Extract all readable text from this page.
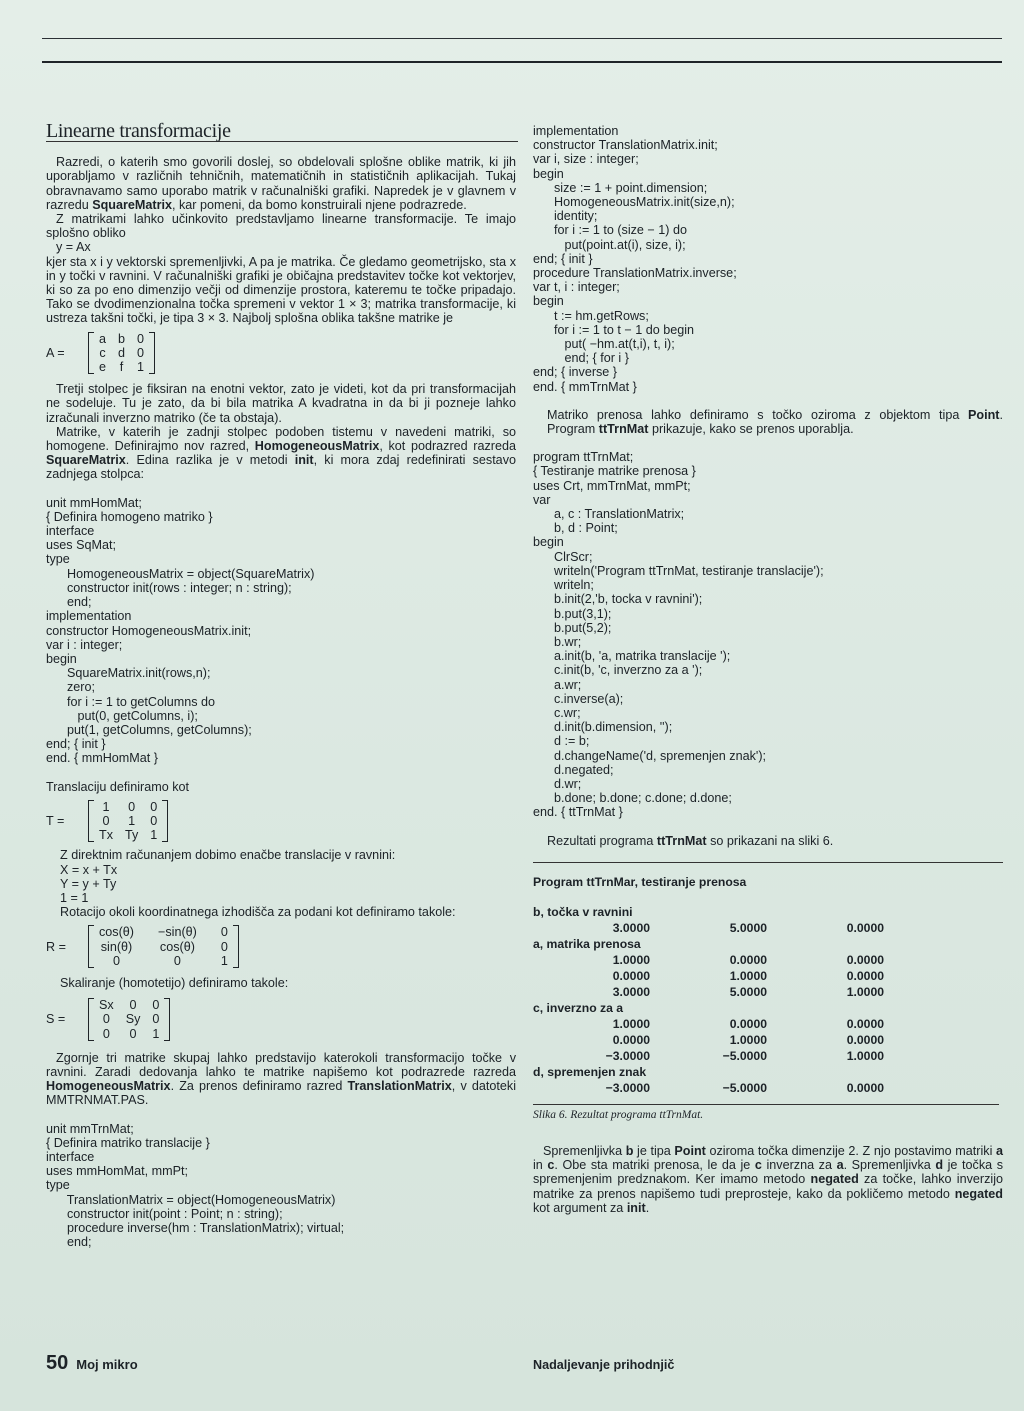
Linearne transformacije

Razredi, o katerih smo govorili doslej, so obdelovali splošne oblike matrik, ki jih uporabljamo v različnih tehničnih, matematičnih in statističnih aplikacijah. Tukaj obravnavamo samo uporabo matrik v računalniški grafiki. Napredek je v glavnem v razredu SquareMatrix, kar pomeni, da bomo konstruirali njene podrazrede.

Z matrikami lahko učinkovito predstavljamo linearne transformacije. Te imajo splošno obliko

y = Ax

kjer sta x i y vektorski spremenljivki, A pa je matrika. Če gledamo geometrijsko, sta x in y točki v ravnini. V računalniški grafiki je običajna predstavitev točke kot vektorjev, ki so za po eno dimenzijo večji od dimenzije prostora, kateremu te točke pripadajo. Tako se dvodimenzionalna točka spremeni v vektor 1 × 3; matrika transformacije, ki ustreza takšni točki, je tipa 3 × 3. Najbolj splošna oblika takšne matrike je

A =
a b 0
c d 0
e	f	1

Tretji stolpec je fiksiran na enotni vektor, zato je videti, kot da pri transformacijah ne sodeluje. Tu je zato, da bi bila matrika A kvadratna in da bi ji pozneje lahko izračunali inverzno matriko (če ta obstaja).

Matrike, v katerih je zadnji stolpec podoben tistemu v navedeni matriki, so homogene. Definirajmo nov razred, HomogeneousMatrix, kot podrazred razreda SquareMatrix. Edina razlika je v metodi init, ki mora zdaj redefinirati sestavo zadnjega stolpca:

unit mmHomMat;
{ Definira homogeno matriko }
interface
uses SqMat;
type
HomogeneousMatrix = object(SquareMatrix)
constructor init(rows : integer; n : string);
end;
implementation
constructor HomogeneousMatrix.init;
var i : integer;
begin
SquareMatrix.init(rows,n);
zero;
for i := 1 to getColumns do
put(0, getColumns, i);
put(1, getColumns, getColumns);
end; { init }
end. { mmHomMat }

Translaciju definiramo kot

T =
1	0	0
0	1	0
Tx Ty 1

Z direktnim računanjem dobimo enačbe translacije v ravnini:

X = x + Tx

Y = y + Ty

1 = 1

Rotacijo okoli koordinatnega izhodišča za podani kot definiramo takole:

R =
cos(θ) −sin(θ) 0
sin(θ)	cos(θ)	0
0	0	1

Skaliranje (homotetijo) definiramo takole:

S =
Sx	0	0
0	Sy 0
0	0	1

Zgornje tri matrike skupaj lahko predstavijo katerokoli transformacijo točke v ravnini. Zaradi dedovanja lahko te matrike napišemo kot podrazrede razreda HomogeneousMatrix. Za prenos definiramo razred TranslationMatrix, v datoteki MMTRNMAT.PAS.

unit mmTrnMat;
{ Definira matriko translacije }
interface
uses mmHomMat, mmPt;
type
TranslationMatrix = object(HomogeneousMatrix)
constructor init(point : Point; n : string);
procedure inverse(hm : TranslationMatrix); virtual;
end;
implementation
constructor TranslationMatrix.init;
var i, size : integer;
begin
size := 1 + point.dimension;
HomogeneousMatrix.init(size,n);
identity;
for i := 1 to (size − 1) do
put(point.at(i), size, i);
end; { init }
procedure TranslationMatrix.inverse;
var t, i : integer;
begin
t := hm.getRows;
for i := 1 to t − 1 do begin
put( −hm.at(t,i), t, i);
end; { for i }
end; { inverse }
end. { mmTrnMat }

Matriko prenosa lahko definiramo s točko oziroma z objektom tipa Point. Program ttTrnMat prikazuje, kako se prenos uporablja.

program ttTrnMat;
{ Testiranje matrike prenosa }
uses Crt, mmTrnMat, mmPt;
var
a, c : TranslationMatrix;
b, d : Point;
begin
ClrScr;
writeln('Program ttTrnMat, testiranje translacije');
writeln;
b.init(2,'b, tocka v ravnini');
b.put(3,1);
b.put(5,2);
b.wr;
a.init(b, 'a, matrika translacije ');
c.init(b, 'c, inverzno za a ');
a.wr;
c.inverse(a);
c.wr;
d.init(b.dimension, '');
d := b;
d.changeName('d, spremenjen znak');
d.negated;
d.wr;
b.done; b.done; c.done; d.done;
end. { ttTrnMat }

Rezultati programa ttTrnMat so prikazani na sliki 6.

Program ttTrnMar, testiranje prenosa
b, točka v ravnini
3.0000	5.0000	0.0000
a, matrika prenosa
1.0000	0.0000	0.0000
0.0000	1.0000	0.0000
3.0000	5.0000	1.0000
c, inverzno za a
1.0000	0.0000	0.0000
0.0000	1.0000	0.0000
−3.0000	−5.0000	1.0000
d, spremenjen znak
−3.0000	−5.0000	0.0000
Slika 6. Rezultat programa ttTrnMat.

Spremenljivka b je tipa Point oziroma točka dimenzije 2. Z njo postavimo matriki a in c. Obe sta matriki prenosa, le da je c inverzna za a. Spremenljivka d je točka s spremenjenim predznakom. Ker imamo metodo negated za točke, lahko inverzijo matrike za prenos napišemo tudi preprosteje, kako da pokličemo metodo negated kot argument za init.

Nadaljevanje prihodnjič
50 Moj mikro
